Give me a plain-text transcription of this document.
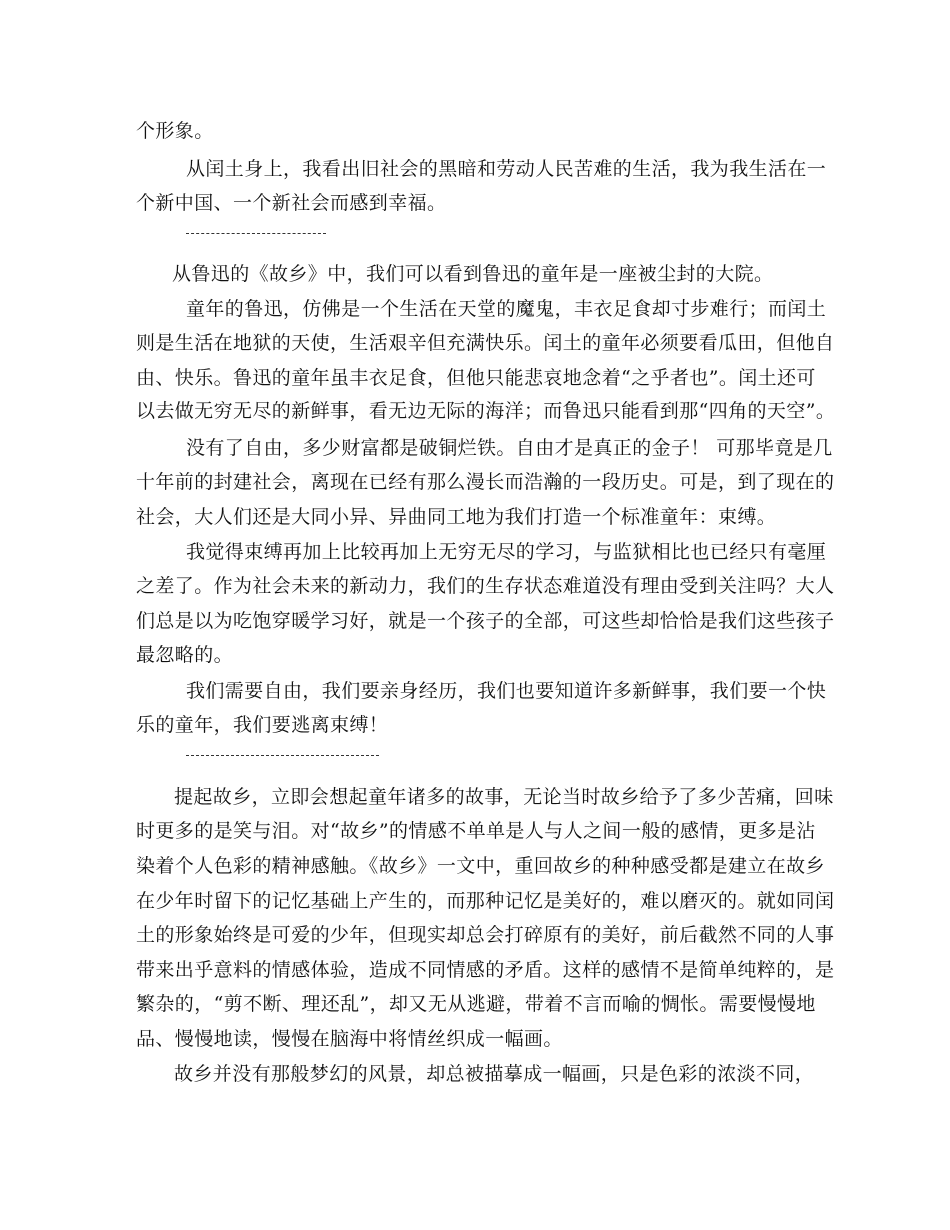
个形象。
从闰土身上，我看出旧社会的黑暗和劳动人民苦难的生活，我为我生活在一
个新中国、一个新社会而感到幸福。
从鲁迅的《故乡》中，我们可以看到鲁迅的童年是一座被尘封的大院。
童年的鲁迅，仿佛是一个生活在天堂的魔鬼，丰衣足食却寸步难行；而闰土
则是生活在地狱的天使，生活艰辛但充满快乐。闰土的童年必须要看瓜田，但他自
由、快乐。鲁迅的童年虽丰衣足食，但他只能悲哀地念着“之乎者也”。闰土还可
以去做无穷无尽的新鲜事，看无边无际的海洋；而鲁迅只能看到那“四角的天空”。
没有了自由，多少财富都是破铜烂铁。自由才是真正的金子！ 可那毕竟是几
十年前的封建社会，离现在已经有那么漫长而浩瀚的一段历史。可是，到了现在的
社会，大人们还是大同小异、异曲同工地为我们打造一个标准童年：束缚。
我觉得束缚再加上比较再加上无穷无尽的学习，与监狱相比也已经只有毫厘
之差了。作为社会未来的新动力，我们的生存状态难道没有理由受到关注吗？大人
们总是以为吃饱穿暖学习好，就是一个孩子的全部，可这些却恰恰是我们这些孩子
最忽略的。
我们需要自由，我们要亲身经历，我们也要知道许多新鲜事，我们要一个快
乐的童年，我们要逃离束缚！
提起故乡，立即会想起童年诸多的故事，无论当时故乡给予了多少苦痛，回味
时更多的是笑与泪。对“故乡”的情感不单单是人与人之间一般的感情，更多是沾
染着个人色彩的精神感触。《故乡》一文中，重回故乡的种种感受都是建立在故乡
在少年时留下的记忆基础上产生的，而那种记忆是美好的，难以磨灭的。就如同闰
土的形象始终是可爱的少年，但现实却总会打碎原有的美好，前后截然不同的人事
带来出乎意料的情感体验，造成不同情感的矛盾。这样的感情不是简单纯粹的，是
繁杂的，“剪不断、理还乱”，却又无从逃避，带着不言而喻的惆怅。需要慢慢地
品、慢慢地读，慢慢在脑海中将情丝织成一幅画。
故乡并没有那般梦幻的风景，却总被描摹成一幅画，只是色彩的浓淡不同，
